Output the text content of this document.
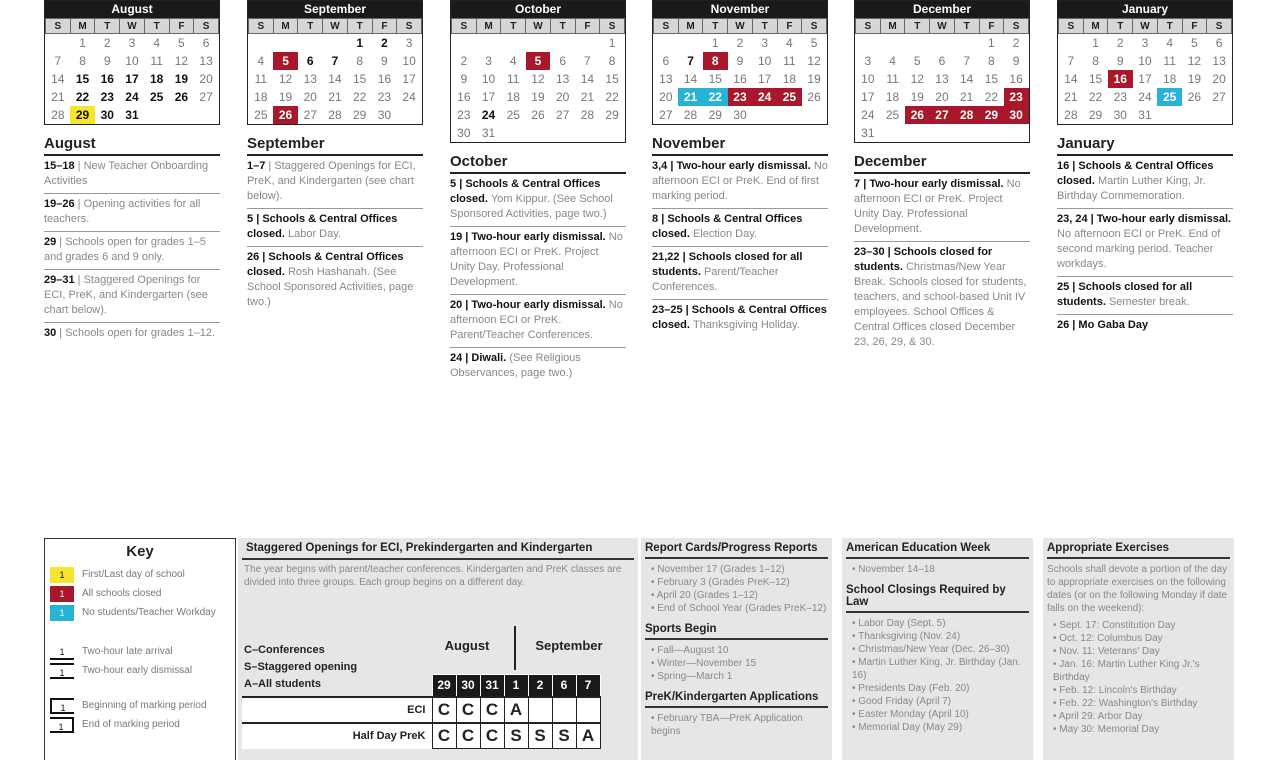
August
S	M	T	W	T	F	S
	1	2	3	4	5	6
7	8	9	10	11	12	13
14	15	16	17	18	19	20
21	22	23	24	25	26	27
28	29	30	31			
August
15–18 | New Teacher Onboarding Activities
19–26 | Opening activities for all teachers.
29 | Schools open for grades 1–5 and grades 6 and 9 only.
29–31 | Staggered Openings for ECI, PreK, and Kindergarten (see chart below).
30 | Schools open for grades 1–12.
September
S	M	T	W	T	F	S
				1	2	3
4	5	6	7	8	9	10
11	12	13	14	15	16	17
18	19	20	21	22	23	24
25	26	27	28	29	30	
September
1–7 | Staggered Openings for ECI, PreK, and Kindergarten (see chart below).
5 | Schools & Central Offices closed. Labor Day.
26 | Schools & Central Offices closed. Rosh Hashanah. (See School Sponsored Activities, page two.)
October
S	M	T	W	T	F	S
						1
2	3	4	5	6	7	8
9	10	11	12	13	14	15
16	17	18	19	20	21	22
23	24	25	26	27	28	29
30	31					
October
5 | Schools & Central Offices closed. Yom Kippur. (See School Sponsored Activities, page two.)
19 | Two-hour early dismissal. No afternoon ECI or PreK. Project Unity Day. Professional Development.
20 | Two-hour early dismissal. No afternoon ECI or PreK. Parent/Teacher Conferences.
24 | Diwali. (See Religious Observances, page two.)
November
S	M	T	W	T	F	S
		1	2	3	4	5
6	7	8	9	10	11	12
13	14	15	16	17	18	19
20	21	22	23	24	25	26
27	28	29	30			
November
3,4 | Two-hour early dismissal. No afternoon ECI or PreK. End of first marking period.
8 | Schools & Central Offices closed. Election Day.
21,22 | Schools closed for all students. Parent/Teacher Conferences.
23–25 | Schools & Central Offices closed. Thanksgiving Holiday.
December
S	M	T	W	T	F	S
					1	2
3	4	5	6	7	8	9
10	11	12	13	14	15	16
17	18	19	20	21	22	23
24	25	26	27	28	29	30
31						
December
7 | Two-hour early dismissal. No afternoon ECI or PreK. Project Unity Day. Professional Development.
23–30 | Schools closed for students. Christmas/New Year Break. Schools closed for students, teachers, and school-based Unit IV employees. School Offices & Central Offices closed December 23, 26, 29, & 30.
January
S	M	T	W	T	F	S
	1	2	3	4	5	6
7	8	9	10	11	12	13
14	15	16	17	18	19	20
21	22	23	24	25	26	27
28	29	30	31			
January
16 | Schools & Central Offices closed. Martin Luther King, Jr. Birthday Commemoration.
23, 24 | Two-hour early dismissal. No afternoon ECI or PreK. End of second marking period. Teacher workdays.
25 | Schools closed for all students. Semester break.
26 | Mo Gaba Day
Key
1	First/Last day of school
1	All schools closed
1	No students/Teacher Workday
1	Two-hour late arrival
1	Two-hour early dismissal
1	Beginning of marking period
1	End of marking period
Staggered Openings for ECI, Prekindergarten and Kindergarten

The year begins with parent/teacher conferences. Kindergarten and PreK classes are divided into three groups. Each group begins on a different day.

C–Conferences
S–Staggered opening
A–All students
August	September
	29	30	31	1	2	6	7
ECI	C	C	C	A			
Half Day PreK	C	C	C	S	S	S	A
Report Cards/Progress Reports
• November 17 (Grades 1–12)
• February 3 (Grades PreK–12)
• April 20 (Grades 1–12)
• End of School Year (Grades PreK–12)
Sports Begin
• Fall—August 10
• Winter—November 15
• Spring—March 1
PreK/Kindergarten Applications
• February TBA—PreK Application begins
American Education Week
• November 14–18
School Closings Required by Law
• Labor Day (Sept. 5)
• Thanksgiving (Nov. 24)
• Christmas/New Year (Dec. 26–30)
• Martin Luther King, Jr. Birthday (Jan. 16)
• Presidents Day (Feb. 20)
• Good Friday (April 7)
• Easter Monday (April 10)
• Memorial Day (May 29)
Appropriate Exercises

Schools shall devote a portion of the day to appropriate exercises on the following dates (or on the following Monday if date falls on the weekend):

• Sept. 17: Constitution Day
• Oct. 12: Columbus Day
• Nov. 11: Veterans' Day
• Jan. 16: Martin Luther King Jr.'s Birthday
• Feb. 12: Lincoln's Birthday
• Feb. 22: Washington's Birthday
• April 29: Arbor Day
• May 30: Memorial Day
